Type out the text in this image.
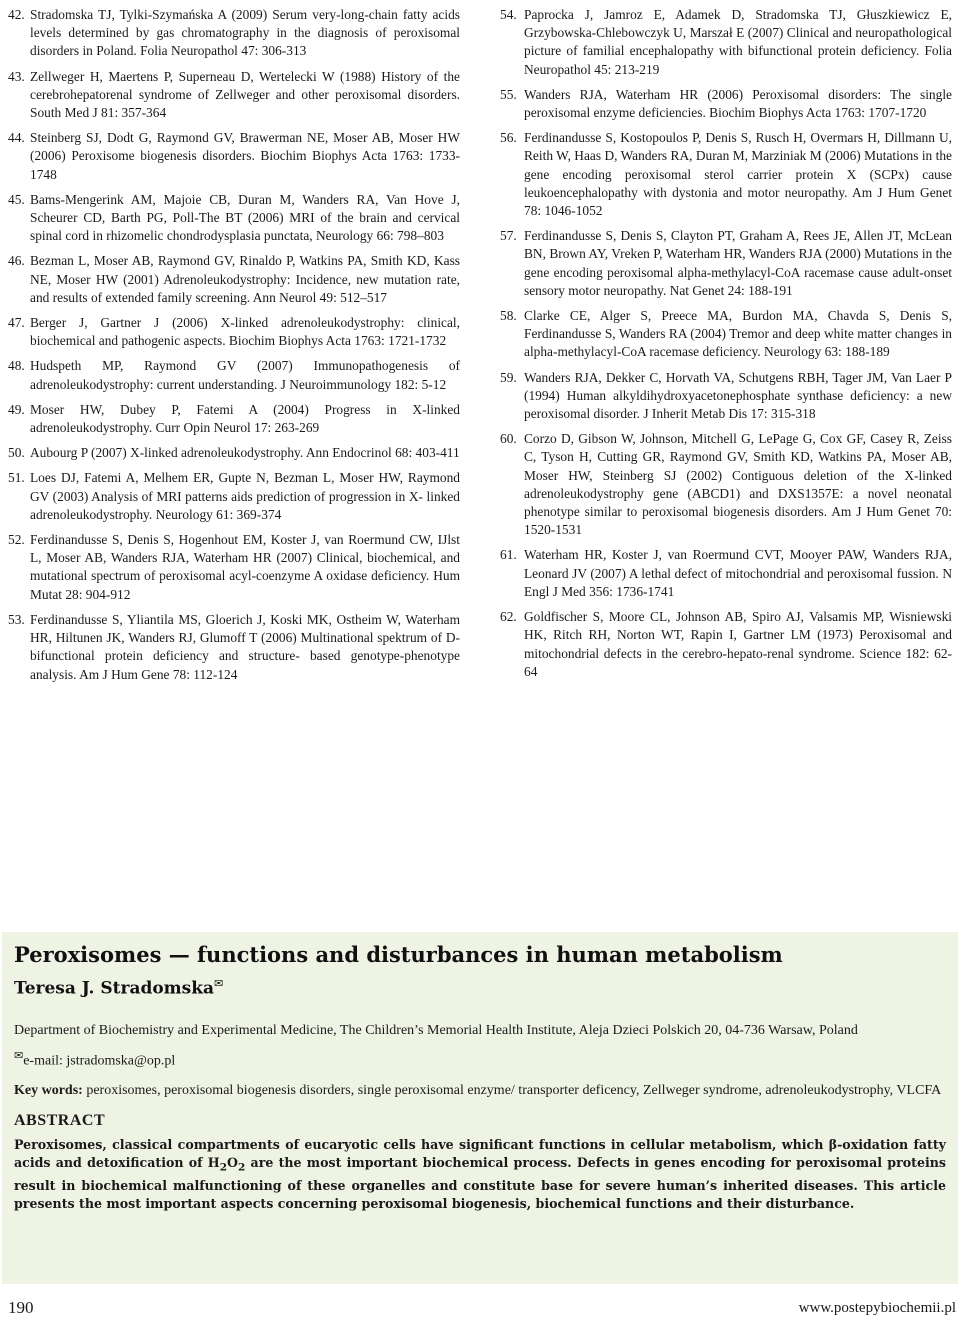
42. Stradomska TJ, Tylki-Szymańska A (2009) Serum very-long-chain fatty acids levels determined by gas chromatography in the diagnosis of peroxisomal disorders in Poland. Folia Neuropathol 47: 306-313
43. Zellweger H, Maertens P, Superneau D, Wertelecki W (1988) History of the cerebrohepatorenal syndrome of Zellweger and other peroxisomal disorders. South Med J 81: 357-364
44. Steinberg SJ, Dodt G, Raymond GV, Brawerman NE, Moser AB, Moser HW (2006) Peroxisome biogenesis disorders. Biochim Biophys Acta 1763: 1733-1748
45. Bams-Mengerink AM, Majoie CB, Duran M, Wanders RA, Van Hove J, Scheurer CD, Barth PG, Poll-The BT (2006) MRI of the brain and cervical spinal cord in rhizomelic chondrodysplasia punctata, Neurology 66: 798–803
46. Bezman L, Moser AB, Raymond GV, Rinaldo P, Watkins PA, Smith KD, Kass NE, Moser HW (2001) Adrenoleukodystrophy: Incidence, new mutation rate, and results of extended family screening. Ann Neurol 49: 512–517
47. Berger J, Gartner J (2006) X-linked adrenoleukodystrophy: clinical, biochemical and pathogenic aspects. Biochim Biophys Acta 1763: 1721-1732
48. Hudspeth MP, Raymond GV (2007) Immunopathogenesis of adrenoleukodystrophy: current understanding. J Neuroimmunology 182: 5-12
49. Moser HW, Dubey P, Fatemi A (2004) Progress in X-linked adrenoleukodystrophy. Curr Opin Neurol 17: 263-269
50. Aubourg P (2007) X-linked adrenoleukodystrophy. Ann Endocrinol 68: 403-411
51. Loes DJ, Fatemi A, Melhem ER, Gupte N, Bezman L, Moser HW, Raymond GV (2003) Analysis of MRI patterns aids prediction of progression in X- linked adrenoleukodystrophy. Neurology 61: 369-374
52. Ferdinandusse S, Denis S, Hogenhout EM, Koster J, van Roermund CW, IJlst L, Moser AB, Wanders RJA, Waterham HR (2007) Clinical, biochemical, and mutational spectrum of peroxisomal acyl-coenzyme A oxidase deficiency. Hum Mutat 28: 904-912
53. Ferdinandusse S, Yliantila MS, Gloerich J, Koski MK, Ostheim W, Waterham HR, Hiltunen JK, Wanders RJ, Glumoff T (2006) Multinational spektrum of D-bifunctional protein deficiency and structure- based genotype-phenotype analysis. Am J Hum Gene 78: 112-124
54. Paprocka J, Jamroz E, Adamek D, Stradomska TJ, Głuszkiewicz E, Grzybowska-Chlebowczyk U, Marszał E (2007) Clinical and neuropathological picture of familial encephalopathy with bifunctional protein deficiency. Folia Neuropathol 45: 213-219
55. Wanders RJA, Waterham HR (2006) Peroxisomal disorders: The single peroxisomal enzyme deficiencies. Biochim Biophys Acta 1763: 1707-1720
56. Ferdinandusse S, Kostopoulos P, Denis S, Rusch H, Overmars H, Dillmann U, Reith W, Haas D, Wanders RA, Duran M, Marziniak M (2006) Mutations in the gene encoding peroxisomal sterol carrier protein X (SCPx) cause leukoencephalopathy with dystonia and motor neuropathy. Am J Hum Genet 78: 1046-1052
57. Ferdinandusse S, Denis S, Clayton PT, Graham A, Rees JE, Allen JT, McLean BN, Brown AY, Vreken P, Waterham HR, Wanders RJA (2000) Mutations in the gene encoding peroxisomal alpha-methylacyl-CoA racemase cause adult-onset sensory motor neuropathy. Nat Genet 24: 188-191
58. Clarke CE, Alger S, Preece MA, Burdon MA, Chavda S, Denis S, Ferdinandusse S, Wanders RA (2004) Tremor and deep white matter changes in alpha-methylacyl-CoA racemase deficiency. Neurology 63: 188-189
59. Wanders RJA, Dekker C, Horvath VA, Schutgens RBH, Tager JM, Van Laer P (1994) Human alkyldihydroxyacetonephosphate synthase deficiency: a new peroxisomal disorder. J Inherit Metab Dis 17: 315-318
60. Corzo D, Gibson W, Johnson, Mitchell G, LePage G, Cox GF, Casey R, Zeiss C, Tyson H, Cutting GR, Raymond GV, Smith KD, Watkins PA, Moser AB, Moser HW, Steinberg SJ (2002) Contiguous deletion of the X-linked adrenoleukodystrophy gene (ABCD1) and DXS1357E: a novel neonatal phenotype similar to peroxisomal biogenesis disorders. Am J Hum Genet 70: 1520-1531
61. Waterham HR, Koster J, van Roermund CVT, Mooyer PAW, Wanders RJA, Leonard JV (2007) A lethal defect of mitochondrial and peroxisomal fussion. N Engl J Med 356: 1736-1741
62. Goldfischer S, Moore CL, Johnson AB, Spiro AJ, Valsamis MP, Wisniewski HK, Ritch RH, Norton WT, Rapin I, Gartner LM (1973) Peroxisomal and mitochondrial defects in the cerebro-hepato-renal syndrome. Science 182: 62-64
Peroxisomes — functions and disturbances in human metabolism
Teresa J. Stradomska✉
Department of Biochemistry and Experimental Medicine, The Children’s Memorial Health Institute, Aleja Dzieci Polskich 20, 04-736 Warsaw, Poland
✉e-mail: jstradomska@op.pl
Key words: peroxisomes, peroxisomal biogenesis disorders, single peroxisomal enzyme/ transporter deficency, Zellweger syndrome, adrenoleukodystrophy, VLCFA
ABSTRACT
Peroxisomes, classical compartments of eucaryotic cells have significant functions in cellular metabolism, which β-oxidation fatty acids and detoxification of $H_2O_2$ are the most important biochemical process. Defects in genes encoding for peroxisomal proteins result in biochemical malfunctioning of these organelles and constitute base for severe human’s inherited diseases. This article presents the most important aspects concerning peroxisomal biogenesis, biochemical functions and their disturbance.
190	www.postepybiochemii.pl
